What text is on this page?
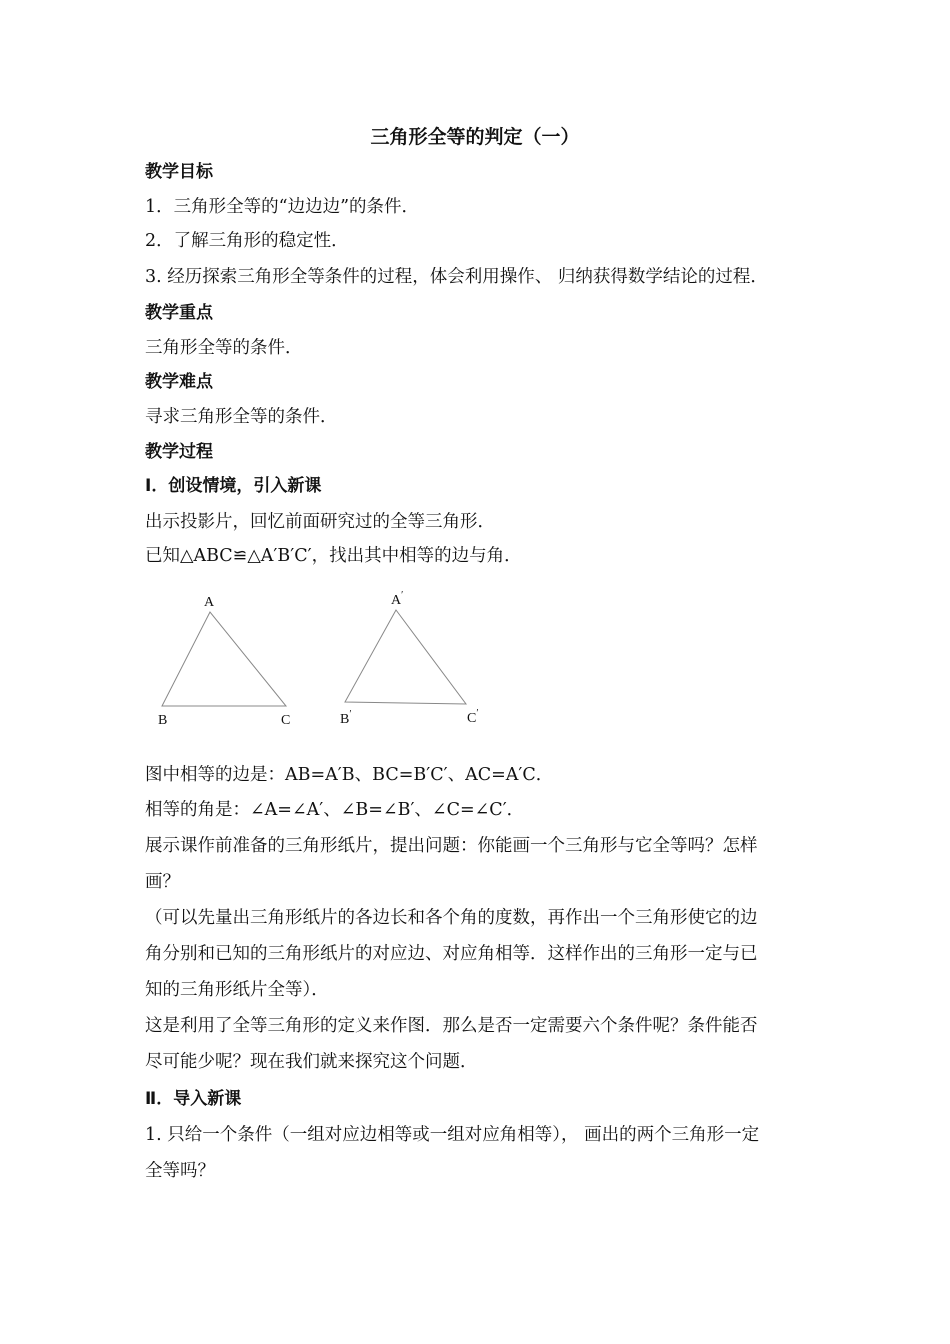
三角形全等的判定（一）
教学目标
1．三角形全等的“边边边”的条件．
2．了解三角形的稳定性．
3. 经历探索三角形全等条件的过程，体会利用操作、 归纳获得数学结论的过程．
教学重点
三角形全等的条件．
教学难点
寻求三角形全等的条件．
教学过程
Ⅰ．创设情境，引入新课
出示投影片，回忆前面研究过的全等三角形．
已知△ABC≌△A′B′C′，找出其中相等的边与角．
A
B	C
A′
B′	C′
图中相等的边是：AB=A′B、BC=B′C′、AC=A′C．
相等的角是：∠A=∠A′、∠B=∠B′、∠C=∠C′．
展示课作前准备的三角形纸片，提出问题：你能画一个三角形与它全等吗？怎样
画？
（可以先量出三角形纸片的各边长和各个角的度数，再作出一个三角形使它的边
角分别和已知的三角形纸片的对应边、对应角相等．这样作出的三角形一定与已
知的三角形纸片全等）．
这是利用了全等三角形的定义来作图．那么是否一定需要六个条件呢？条件能否
尽可能少呢？现在我们就来探究这个问题．
Ⅱ．导入新课
1. 只给一个条件（一组对应边相等或一组对应角相等）， 画出的两个三角形一定
全等吗？
